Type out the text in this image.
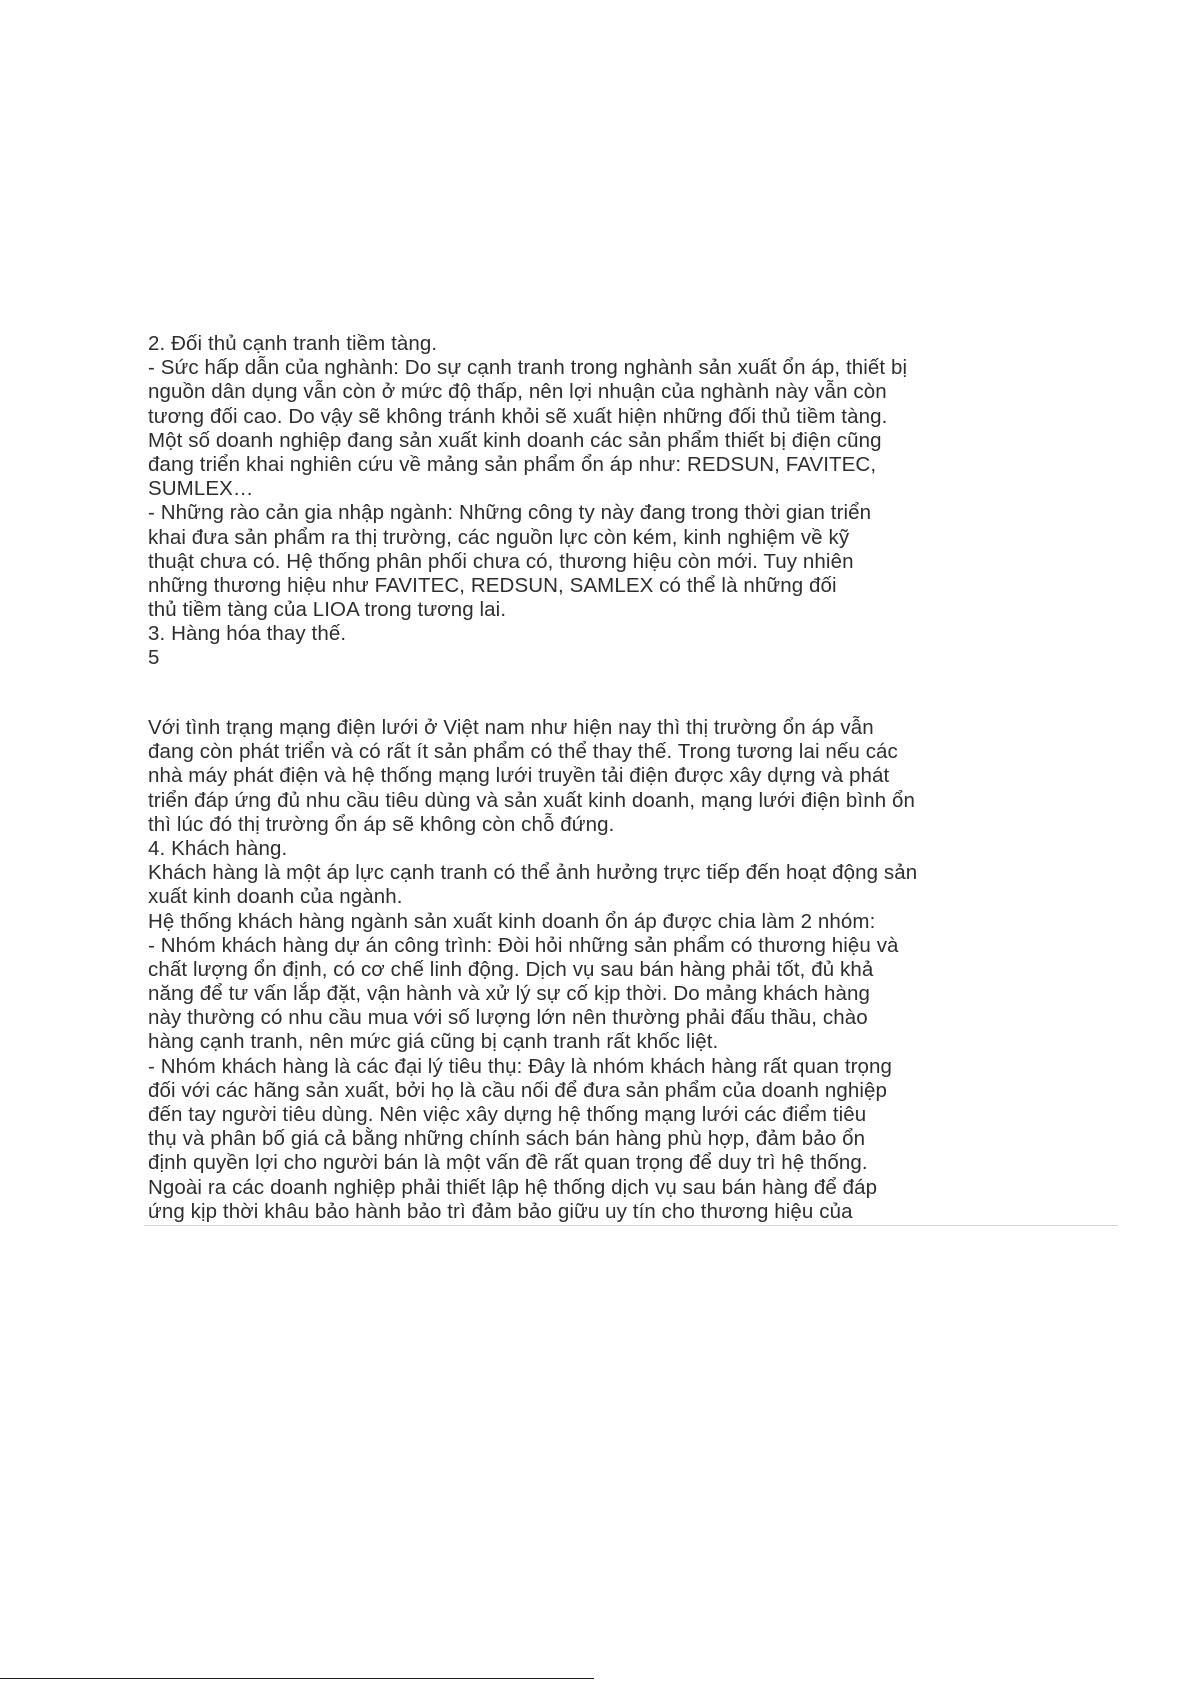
2. Đối thủ cạnh tranh tiềm tàng.
- Sức hấp dẫn của nghành: Do sự cạnh tranh trong nghành sản xuất ổn áp, thiết bị
nguồn dân dụng vẫn còn ở mức độ thấp, nên lợi nhuận của nghành này vẫn còn
tương đối cao. Do vậy sẽ không tránh khỏi sẽ xuất hiện những đối thủ tiềm tàng.
Một số doanh nghiệp đang sản xuất kinh doanh các sản phẩm thiết bị điện cũng
đang triển khai nghiên cứu về mảng sản phẩm ổn áp như: REDSUN, FAVITEC,
SUMLEX…
- Những rào cản gia nhập ngành: Những công ty này đang trong thời gian triển
khai đưa sản phẩm ra thị trường, các nguồn lực còn kém, kinh nghiệm về kỹ
thuật chưa có. Hệ thống phân phối chưa có, thương hiệu còn mới. Tuy nhiên
những thương hiệu như FAVITEC, REDSUN, SAMLEX có thể là những đối
thủ tiềm tàng của LIOA trong tương lai.
3. Hàng hóa thay thế.
5
Với tình trạng mạng điện lưới ở Việt nam như hiện nay thì thị trường ổn áp vẫn
đang còn phát triển và có rất ít sản phẩm có thể thay thế. Trong tương lai nếu các
nhà máy phát điện và hệ thống mạng lưới truyền tải điện được xây dựng và phát
triển đáp ứng đủ nhu cầu tiêu dùng và sản xuất kinh doanh, mạng lưới điện bình ổn
thì lúc đó thị trường ổn áp sẽ không còn chỗ đứng.
4. Khách hàng.
Khách hàng là một áp lực cạnh tranh có thể ảnh hưởng trực tiếp đến hoạt động sản
xuất kinh doanh của ngành.
Hệ thống khách hàng ngành sản xuất kinh doanh ổn áp được chia làm 2 nhóm:
- Nhóm khách hàng dự án công trình: Đòi hỏi những sản phẩm có thương hiệu và
chất lượng ổn định, có cơ chế linh động. Dịch vụ sau bán hàng phải tốt, đủ khả
năng để tư vấn lắp đặt, vận hành và xử lý sự cố kịp thời. Do mảng khách hàng
này thường có nhu cầu mua với số lượng lớn nên thường phải đấu thầu, chào
hàng cạnh tranh, nên mức giá cũng bị cạnh tranh rất khốc liệt.
- Nhóm khách hàng là các đại lý tiêu thụ: Đây là nhóm khách hàng rất quan trọng
đối với các hãng sản xuất, bởi họ là cầu nối để đưa sản phẩm của doanh nghiệp
đến tay người tiêu dùng. Nên việc xây dựng hệ thống mạng lưới các điểm tiêu
thụ và phân bố giá cả bằng những chính sách bán hàng phù hợp, đảm bảo ổn
định quyền lợi cho người bán là một vấn đề rất quan trọng để duy trì hệ thống.
Ngoài ra các doanh nghiệp phải thiết lập hệ thống dịch vụ sau bán hàng để đáp
ứng kịp thời khâu bảo hành bảo trì đảm bảo giữu uy tín cho thương hiệu của
